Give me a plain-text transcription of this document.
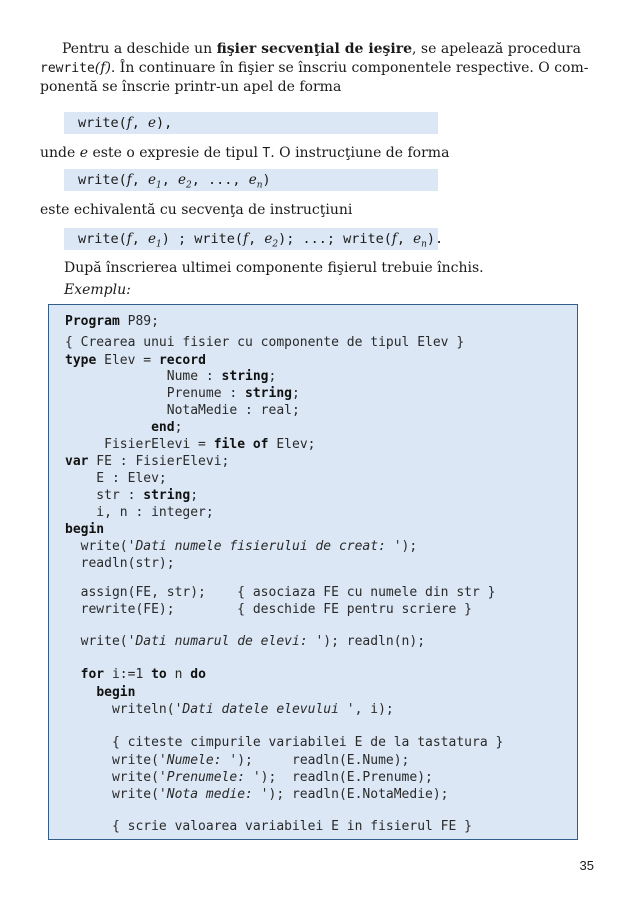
Pentru a deschide un fişier secvenţial de ieşire, se apelează procedura
rewrite(f). În continuare în fişier se înscriu componentele respective. O com-
ponentă se înscrie printr-un apel de forma
write(f, e),
unde e este o expresie de tipul T. O instrucţiune de forma
write(f, $e_1$, $e_2$, ..., $e_n$)
este echivalentă cu secvenţa de instrucţiuni
write(f, $e_1$) ; write(f, $e_2$); ...; write(f, $e_n$).
După înscrierea ultimei componente fişierul trebuie închis.
Exemplu:
Program P89;
{ Crearea unui fisier cu componente de tipul Elev }
type Elev = record
Nume : string;
Prenume : string;
NotaMedie : real;
end;
FisierElevi = file of Elev;
var FE : FisierElevi;
E : Elev;
str : string;
i, n : integer;
begin
write('Dati numele fisierului de creat: ');
readln(str);
assign(FE, str);    { asociaza FE cu numele din str }
rewrite(FE);        { deschide FE pentru scriere }
write('Dati numarul de elevi: '); readln(n);
for i:=1 to n do
begin
writeln('Dati datele elevului ', i);
{ citeste cimpurile variabilei E de la tastatura }
write('Numele: ');     readln(E.Nume);
write('Prenumele: ');  readln(E.Prenume);
write('Nota medie: '); readln(E.NotaMedie);
{ scrie valoarea variabilei E in fisierul FE }
35
